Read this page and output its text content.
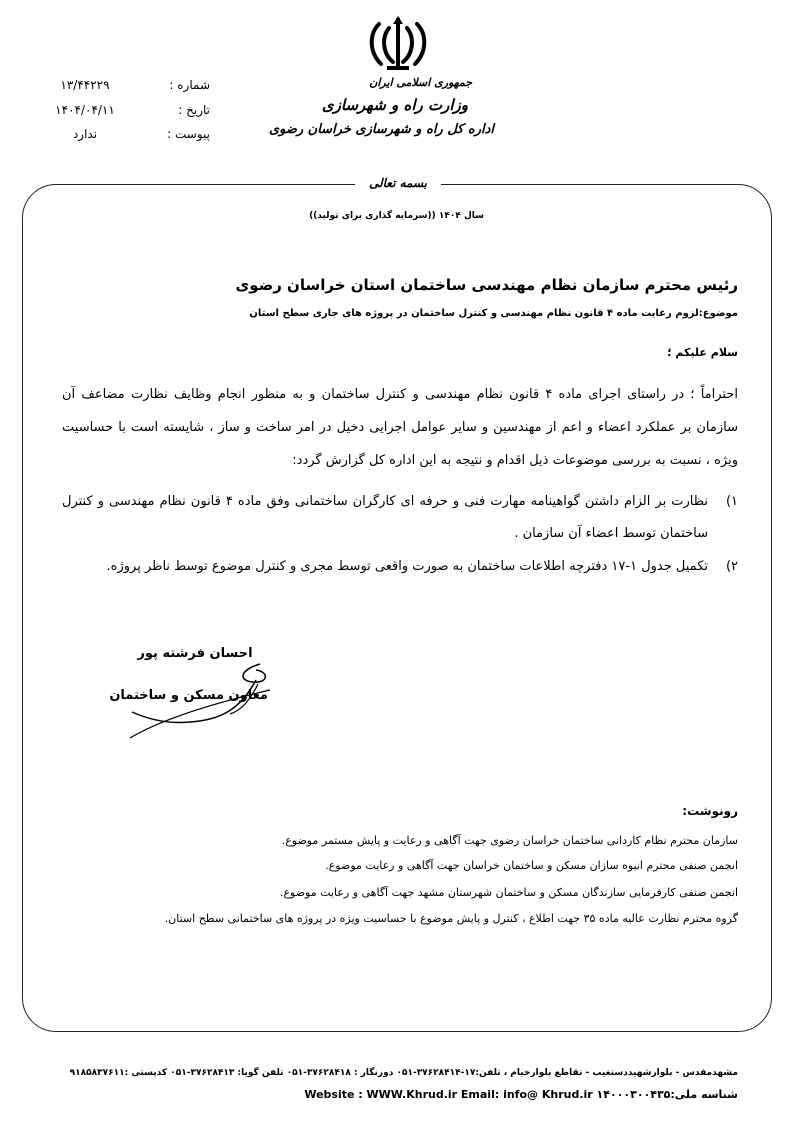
شماره :
۱۳/۴۴۲۲۹
تاریخ :
۱۴۰۴/۰۴/۱۱
پیوست :
ندارد
جمهوری اسلامی ایران
وزارت راه و شهرسازی
اداره کل راه و شهرسازی خراسان رضوی
بسمه تعالی
سال ۱۴۰۴ ((سرمایه گذاری برای تولید))
رئیس محترم سازمان نظام مهندسی ساختمان استان خراسان رضوی
موضوع:لزوم رعایت ماده ۴ قانون نظام مهندسی و کنترل ساختمان در پروژه های جاری سطح استان
سلام علیکم ؛
احتراماً ؛ در راستای اجرای ماده ۴ قانون نظام مهندسی و کنترل ساختمان و به منظور انجام وظایف نظارت مضاعف آن سازمان بر عملکرد اعضاء و اعم از مهندسین و سایر عوامل اجرایی دخیل در امر ساخت و ساز ، شایسته است با حساسیت ویژه ، نسبت به بررسی موضوعات ذیل اقدام و نتیجه به این اداره کل گزارش گردد:
۱)
نظارت بر الزام داشتن گواهینامه مهارت فنی و حرفه ای کارگران ساختمانی وفق ماده ۴ قانون نظام مهندسی و کنترل ساختمان توسط اعضاء آن سازمان .
۲)
تکمیل جدول ۱-۱۷ دفترچه اطلاعات ساختمان به صورت واقعی توسط مجری و کنترل موضوع توسط ناظر پروژه.
احسان فرشته پور
معاون مسکن و ساختمان
رونوشت:
سازمان محترم نظام کاردانی ساختمان خراسان رضوی جهت آگاهی و رعایت و پایش مستمر موضوع.
انجمن صنفی محترم انبوه سازان مسکن و ساختمان خراسان جهت آگاهی و رعایت موضوع.
انجمن صنفی کارفرمایی سازندگان مسکن و ساختمان شهرستان مشهد جهت آگاهی و رعایت موضوع.
گروه محترم نظارت عالیه ماده ۳۵ جهت اطلاع ، کنترل و پایش موضوع با حساسیت ویژه در پروژه های ساختمانی سطح استان.
مشهدمقدس - بلوارشهیددستغیب - تقاطع بلوارخیام ، تلفن:۱۷-۳۷۶۲۸۴۱۴-۰۵۱ دورنگار : ۳۷۶۲۸۴۱۸-۰۵۱ تلفن گویا: ۳۷۶۲۸۴۱۳-۰۵۱ کدپستی :۹۱۸۵۸۳۷۶۱۱
شناسه ملی:۱۴۰۰۰۳۰۰۴۳۵ Website : WWW.Khrud.ir Email: info@ Khrud.ir
